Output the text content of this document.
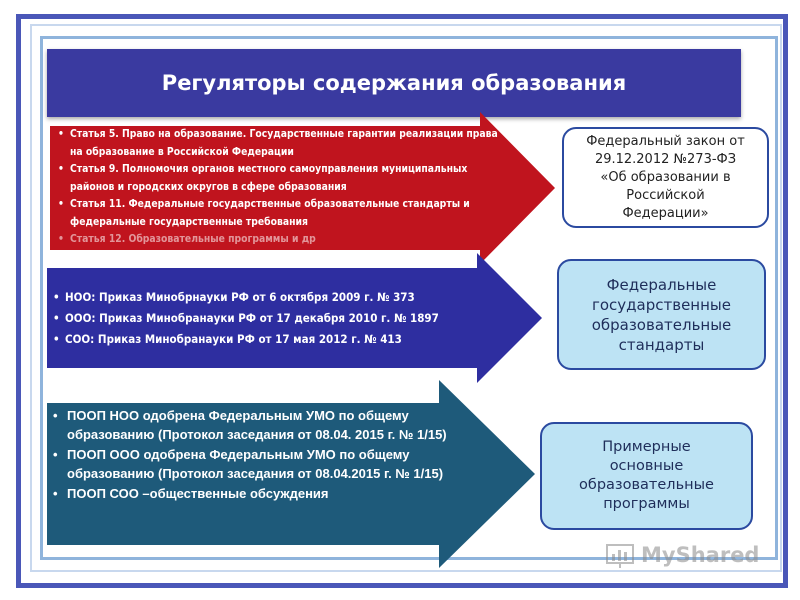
Регуляторы содержания образования
• Статья 5. Право на образование. Государственные гарантии реализации права на образование в Российской Федерации
• Статья 9. Полномочия органов местного самоуправления муниципальных районов и городских округов в сфере образования
• Статья 11. Федеральные государственные образовательные стандарты и федеральные государственные требования
• Статья 12. Образовательные программы и др
• НОО: Приказ Минобрнауки РФ от 6 октября 2009 г. № 373
• ООО: Приказ Минобранауки РФ от 17 декабря 2010 г. № 1897
• СОО: Приказ Минобранауки РФ от 17 мая 2012 г. № 413
• ПООП НОО одобрена Федеральным УМО по общему образованию (Протокол заседания от 08.04. 2015 г. № 1/15)
• ПООП ООО одобрена Федеральным УМО по общему образованию (Протокол заседания от 08.04.2015 г. № 1/15)
• ПООП СОО –общественные обсуждения
Федеральный закон от
29.12.2012 №273-ФЗ
«Об образовании в
Российской
Федерации»
Федеральные
государственные
образовательные
стандарты
Примерные
основные
образовательные
программы
MyShared
